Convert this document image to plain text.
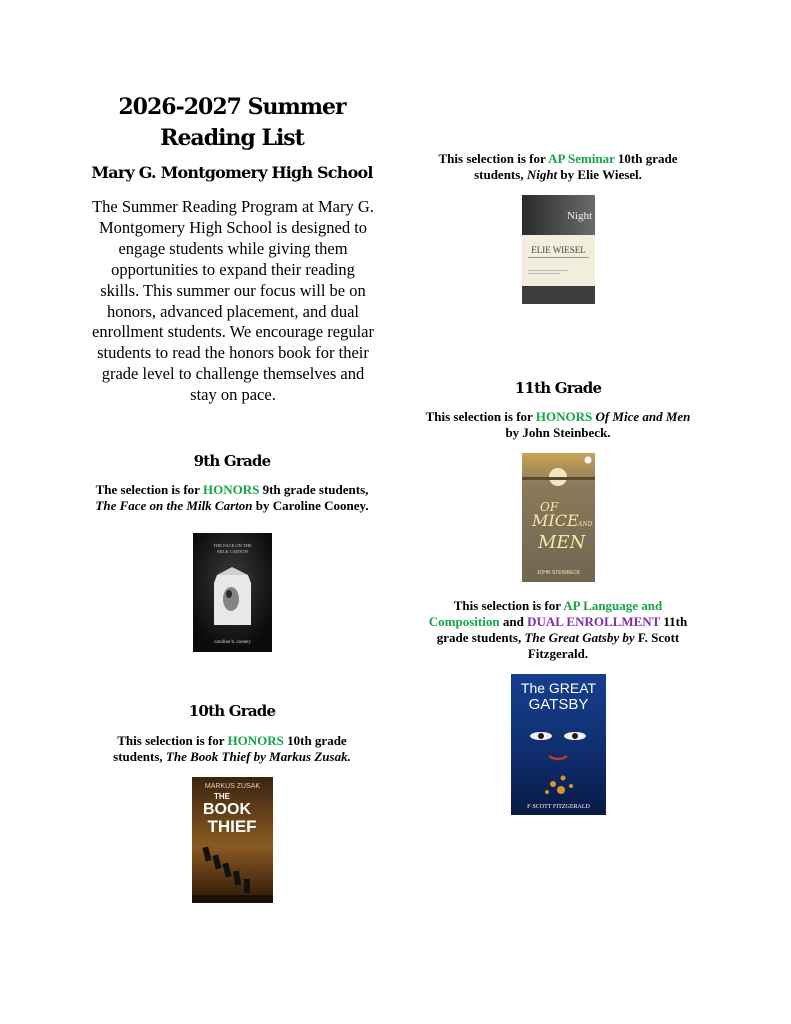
2026-2027 Summer
Reading List
Mary G. Montgomery High School
The Summer Reading Program at Mary G. Montgomery High School is designed to engage students while giving them opportunities to expand their reading skills. This summer our focus will be on honors, advanced placement, and dual enrollment students. We encourage regular students to read the honors book for their grade level to challenge themselves and stay on pace.
9th Grade
The selection is for HONORS 9th grade students,
The Face on the Milk Carton by Caroline Cooney.
THE FACE ON THE
MILK CARTON
caroline b. cooney
10th Grade
This selection is for HONORS 10th grade
students, The Book Thief by Markus Zusak.
MARKUS ZUSAK
THE
BOOK
THIEF
This selection is for AP Seminar 10th grade
students, Night by Elie Wiesel.
Night
ELIE WIESEL
11th Grade
This selection is for HONORS Of Mice and Men
by John Steinbeck.
OF
MICE AND
MEN
JOHN STEINBECK
This selection is for AP Language and
Composition and DUAL ENROLLMENT 11th
grade students, The Great Gatsby by F. Scott
Fitzgerald.
The GREAT
GATSBY
F·SCOTT FITZGERALD
